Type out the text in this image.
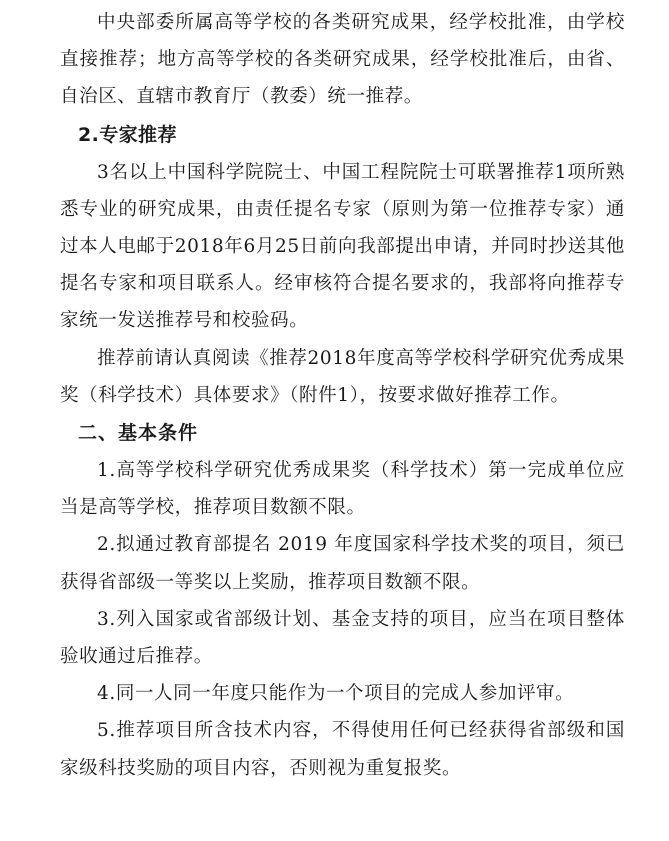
中央部委所属高等学校的各类研究成果，经学校批准，由学校直接推荐；地方高等学校的各类研究成果，经学校批准后，由省、自治区、直辖市教育厅（教委）统一推荐。

2.专家推荐

3名以上中国科学院院士、中国工程院院士可联署推荐1项所熟悉专业的研究成果，由责任提名专家（原则为第一位推荐专家）通过本人电邮于2018年6月25日前向我部提出申请，并同时抄送其他提名专家和项目联系人。经审核符合提名要求的，我部将向推荐专家统一发送推荐号和校验码。

推荐前请认真阅读《推荐2018年度高等学校科学研究优秀成果奖（科学技术）具体要求》（附件1），按要求做好推荐工作。

二、基本条件

1.高等学校科学研究优秀成果奖（科学技术）第一完成单位应当是高等学校，推荐项目数额不限。

2.拟通过教育部提名 2019 年度国家科学技术奖的项目，须已获得省部级一等奖以上奖励，推荐项目数额不限。

3.列入国家或省部级计划、基金支持的项目，应当在项目整体验收通过后推荐。

4.同一人同一年度只能作为一个项目的完成人参加评审。

5.推荐项目所含技术内容，不得使用任何已经获得省部级和国家级科技奖励的项目内容，否则视为重复报奖。
